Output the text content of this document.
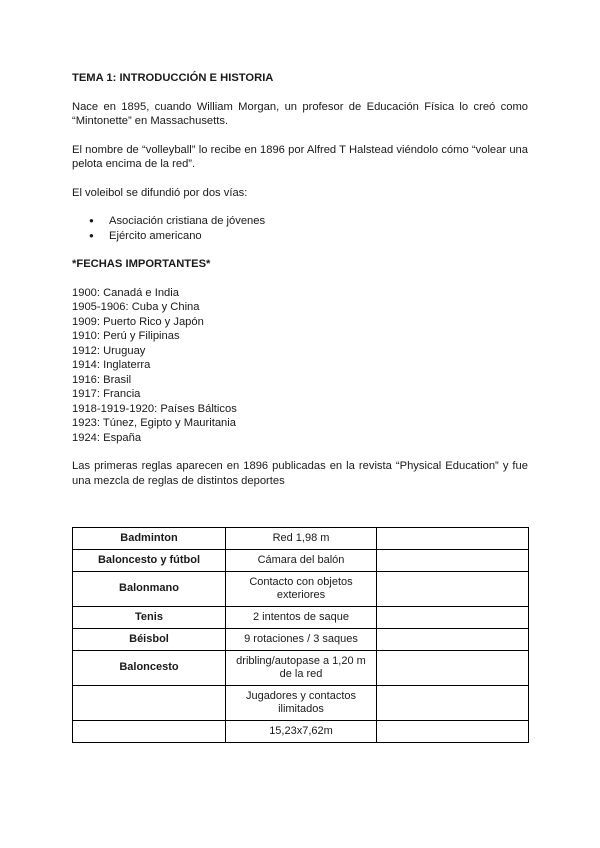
TEMA 1: INTRODUCCIÓN E HISTORIA

Nace en 1895, cuando William Morgan, un profesor de Educación Física lo creó como “Mintonette” en Massachusetts.

El nombre de “volleyball” lo recibe en 1896 por Alfred T Halstead viéndolo cómo “volear una pelota encima de la red”.

El voleibol se difundió por dos vías:

● Asociación cristiana de jóvenes
● Ejército americano
*FECHAS IMPORTANTES*
1900: Canadá e India
1905-1906: Cuba y China
1909: Puerto Rico y Japón
1910: Perú y Filipinas
1912: Uruguay
1914: Inglaterra
1916: Brasil
1917: Francia
1918-1919-1920: Países Bálticos
1923: Túnez, Egipto y Mauritania
1924: España

Las primeras reglas aparecen en 1896 publicadas en la revista “Physical Education” y fue una mezcla de reglas de distintos deportes

Badminton	Red 1,98 m	
Baloncesto y fútbol	Cámara del balón	
Balonmano	Contacto con objetos exteriores	
Tenis	2 intentos de saque	
Béisbol	9 rotaciones / 3 saques	
Baloncesto	dribling/autopase a 1,20 m de la red	
	Jugadores y contactos ilimitados	
	15,23x7,62m	
